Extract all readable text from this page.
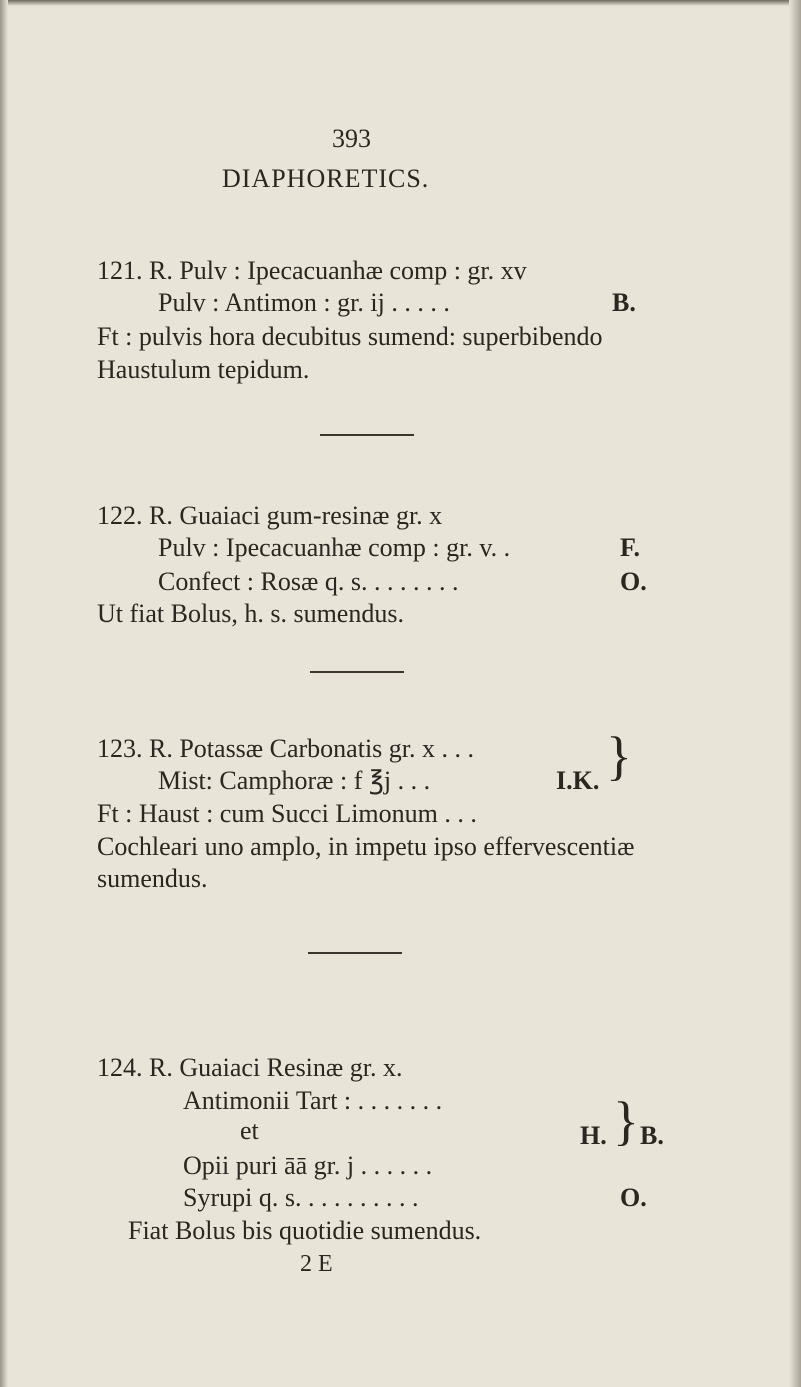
393
DIAPHORETICS.
121. R. Pulv : Ipecacuanhæ comp : gr. xv
Pulv : Antimon : gr. ij . . . . .	B.
Ft : pulvis hora decubitus sumend: superbibendo
Haustulum tepidum.
122. R. Guaiaci gum-resinæ gr. x
Pulv : Ipecacuanhæ comp : gr. v. .	F.
Confect : Rosæ q. s. . . . . . . .	O.
Ut fiat Bolus, h. s. sumendus.
123. R. Potassæ Carbonatis gr. x . . .
Mist: Camphoræ : f ℥j . . .	I.K. }
Ft : Haust : cum Succi Limonum . . .
Cochleari uno amplo, in impetu ipso effervescentiæ
sumendus.
124. R. Guaiaci Resinæ gr. x.
Antimonii Tart : . . . . . . .
et	H. } B.
Opii puri āā gr. j . . . . . .
Syrupi q. s. . . . . . . . . .	O.
Fiat Bolus bis quotidie sumendus.
2 E
